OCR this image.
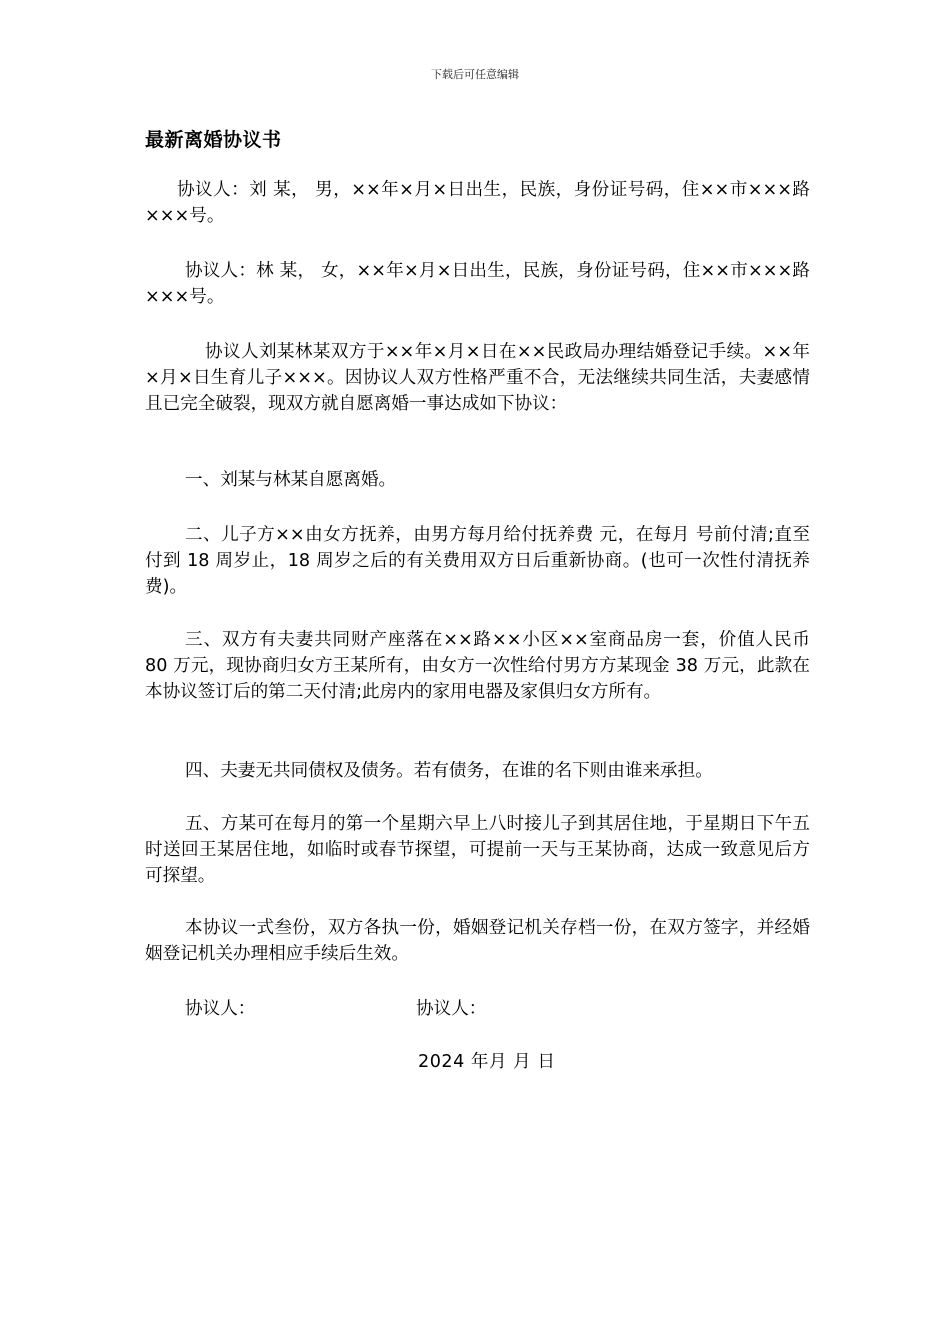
下载后可任意编辑
最新离婚协议书

协议人：刘 某， 男，××年×月×日出生，民族，身份证号码，住××市×××路×××号。

协议人：林 某， 女，××年×月×日出生，民族，身份证号码，住××市×××路×××号。

协议人刘某林某双方于××年×月×日在××民政局办理结婚登记手续。××年×月×日生育儿子×××。因协议人双方性格严重不合，无法继续共同生活，夫妻感情且已完全破裂，现双方就自愿离婚一事达成如下协议：

一、刘某与林某自愿离婚。

二、儿子方××由女方抚养，由男方每月给付抚养费 元，在每月 号前付清;直至付到 18 周岁止，18 周岁之后的有关费用双方日后重新协商。(也可一次性付清抚养费)。

三、双方有夫妻共同财产座落在××路××小区××室商品房一套，价值人民币 80 万元，现协商归女方王某所有，由女方一次性给付男方方某现金 38 万元，此款在本协议签订后的第二天付清;此房内的家用电器及家俱归女方所有。

四、夫妻无共同债权及债务。若有债务，在谁的名下则由谁来承担。

五、方某可在每月的第一个星期六早上八时接儿子到其居住地，于星期日下午五时送回王某居住地，如临时或春节探望，可提前一天与王某协商，达成一致意见后方可探望。

本协议一式叁份，双方各执一份，婚姻登记机关存档一份，在双方签字，并经婚姻登记机关办理相应手续后生效。

协议人：	协议人：

2024 年月 月 日
